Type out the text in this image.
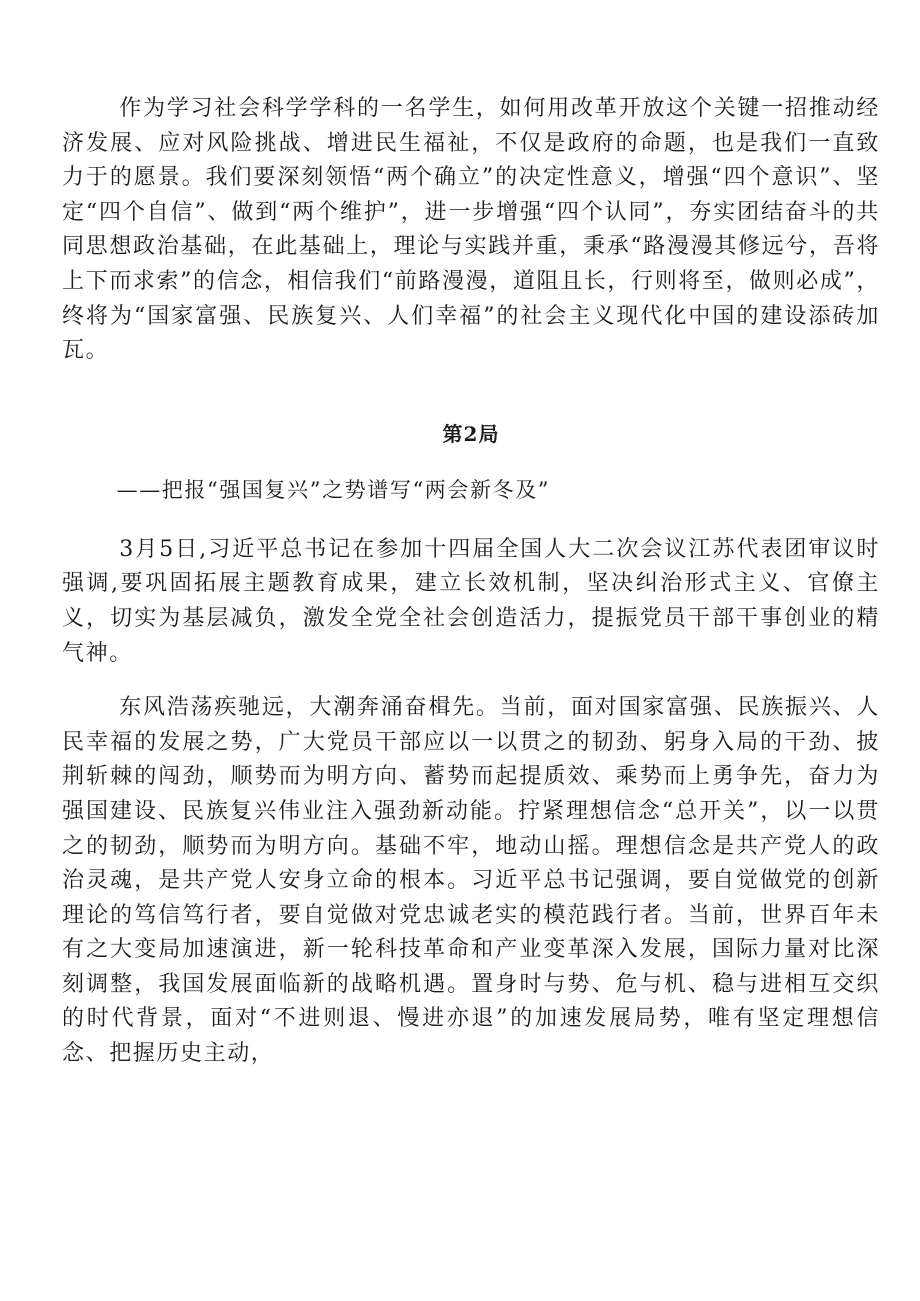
作为学习社会科学学科的一名学生，如何用改革开放这个关键一招推动经济发展、应对风险挑战、增进民生福祉，不仅是政府的命题，也是我们一直致力于的愿景。我们要深刻领悟“两个确立”的决定性意义，增强“四个意识”、坚定“四个自信”、做到“两个维护”，进一步增强“四个认同”，夯实团结奋斗的共同思想政治基础，在此基础上，理论与实践并重，秉承“路漫漫其修远兮，吾将上下而求索”的信念，相信我们“前路漫漫，道阻且长，行则将至，做则必成”，终将为“国家富强、民族复兴、人们幸福”的社会主义现代化中国的建设添砖加瓦。

第2局
——把报“强国复兴”之势谱写“两会新冬及”

3月5日,习近平总书记在参加十四届全国人大二次会议江苏代表团审议时强调,要巩固拓展主题教育成果，建立长效机制，坚决纠治形式主义、官僚主义，切实为基层减负，激发全党全社会创造活力，提振党员干部干事创业的精气神。

东风浩荡疾驰远，大潮奔涌奋楫先。当前，面对国家富强、民族振兴、人民幸福的发展之势，广大党员干部应以一以贯之的韧劲、躬身入局的干劲、披荆斩棘的闯劲，顺势而为明方向、蓄势而起提质效、乘势而上勇争先，奋力为强国建设、民族复兴伟业注入强劲新动能。拧紧理想信念“总开关”，以一以贯之的韧劲，顺势而为明方向。基础不牢，地动山摇。理想信念是共产党人的政治灵魂，是共产党人安身立命的根本。习近平总书记强调，要自觉做党的创新理论的笃信笃行者，要自觉做对党忠诚老实的模范践行者。当前，世界百年未有之大变局加速演进，新一轮科技革命和产业变革深入发展，国际力量对比深刻调整，我国发展面临新的战略机遇。置身时与势、危与机、稳与进相互交织的时代背景，面对“不进则退、慢进亦退”的加速发展局势，唯有坚定理想信念、把握历史主动，
